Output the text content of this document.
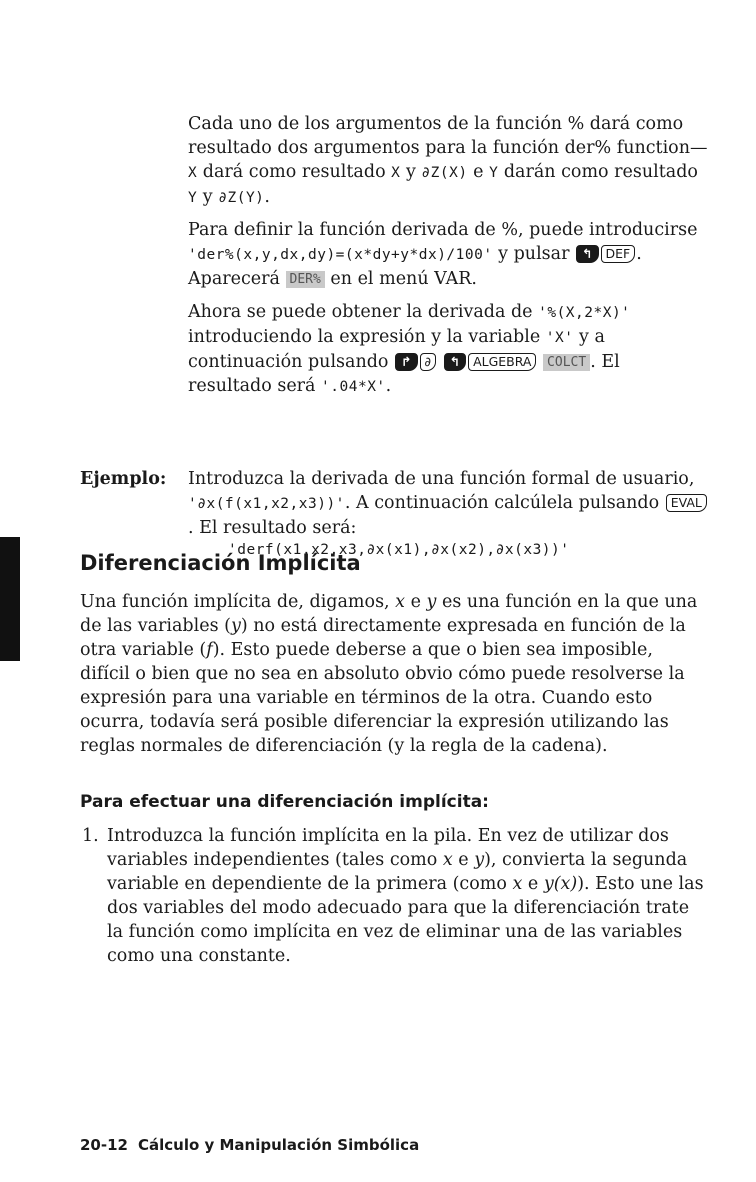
Cada uno de los argumentos de la función % dará como resultado dos argumentos para la función der% function— X dará como resultado X y ∂Z(X) e Y darán como resultado Y y ∂Z(Y).

Para definir la función derivada de %, puede introducirse 'der%(x,y,dx,dy)=(x*dy+y*dx)/100' y pulsar ↰ DEF . Aparecerá DER% en el menú VAR.

Ahora se puede obtener la derivada de '%(X,2*X)' introduciendo la expresión y la variable 'X' y a continuación pulsando ↱ ∂ ↰ ALGEBRA COLCT . El resultado será '.04*X'.

Ejemplo: Introduzca la derivada de una función formal de usuario, '∂x(f(x1,x2,x3))'. A continuación calcúlela pulsando EVAL. El resultado será:

'derf(x1,x2,x3,∂x(x1),∂x(x2),∂x(x3))'
Diferenciación Implícita

Una función implícita de, digamos, x e y es una función en la que una de las variables (y) no está directamente expresada en función de la otra variable (f). Esto puede deberse a que o bien sea imposible, difícil o bien que no sea en absoluto obvio cómo puede resolverse la expresión para una variable en términos de la otra. Cuando esto ocurra, todavía será posible diferenciar la expresión utilizando las reglas normales de diferenciación (y la regla de la cadena).

Para efectuar una diferenciación implícita:
1. Introduzca la función implícita en la pila. En vez de utilizar dos variables independientes (tales como x e y), convierta la segunda variable en dependiente de la primera (como x e y(x)). Esto une las dos variables del modo adecuado para que la diferenciación trate la función como implícita en vez de eliminar una de las variables como una constante.

20-12 Cálculo y Manipulación Simbólica
